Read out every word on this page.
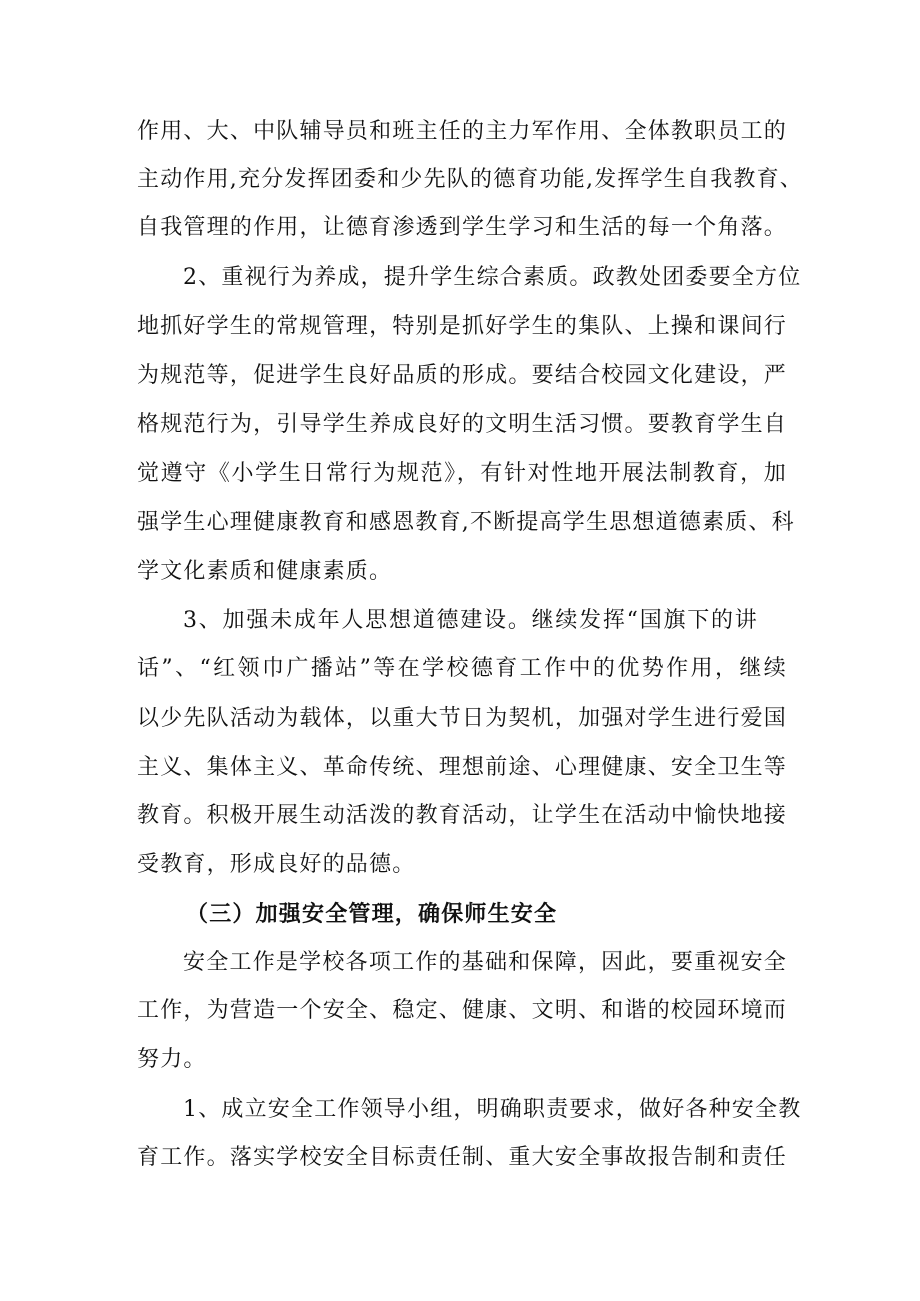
作用、大、中队辅导员和班主任的主力军作用、全体教职员工的
主动作用,充分发挥团委和少先队的德育功能,发挥学生自我教育、
自我管理的作用，让德育渗透到学生学习和生活的每一个角落。
2、重视行为养成，提升学生综合素质。政教处团委要全方位
地抓好学生的常规管理，特别是抓好学生的集队、上操和课间行
为规范等，促进学生良好品质的形成。要结合校园文化建设，严
格规范行为，引导学生养成良好的文明生活习惯。要教育学生自
觉遵守《小学生日常行为规范》，有针对性地开展法制教育，加
强学生心理健康教育和感恩教育,不断提高学生思想道德素质、科
学文化素质和健康素质。
3、加强未成年人思想道德建设。继续发挥“国旗下的讲
话”、“红领巾广播站”等在学校德育工作中的优势作用，继续
以少先队活动为载体，以重大节日为契机，加强对学生进行爱国
主义、集体主义、革命传统、理想前途、心理健康、安全卫生等
教育。积极开展生动活泼的教育活动，让学生在活动中愉快地接
受教育，形成良好的品德。
（三）加强安全管理，确保师生安全
安全工作是学校各项工作的基础和保障，因此，要重视安全
工作，为营造一个安全、稳定、健康、文明、和谐的校园环境而
努力。
1、成立安全工作领导小组，明确职责要求，做好各种安全教
育工作。落实学校安全目标责任制、重大安全事故报告制和责任
